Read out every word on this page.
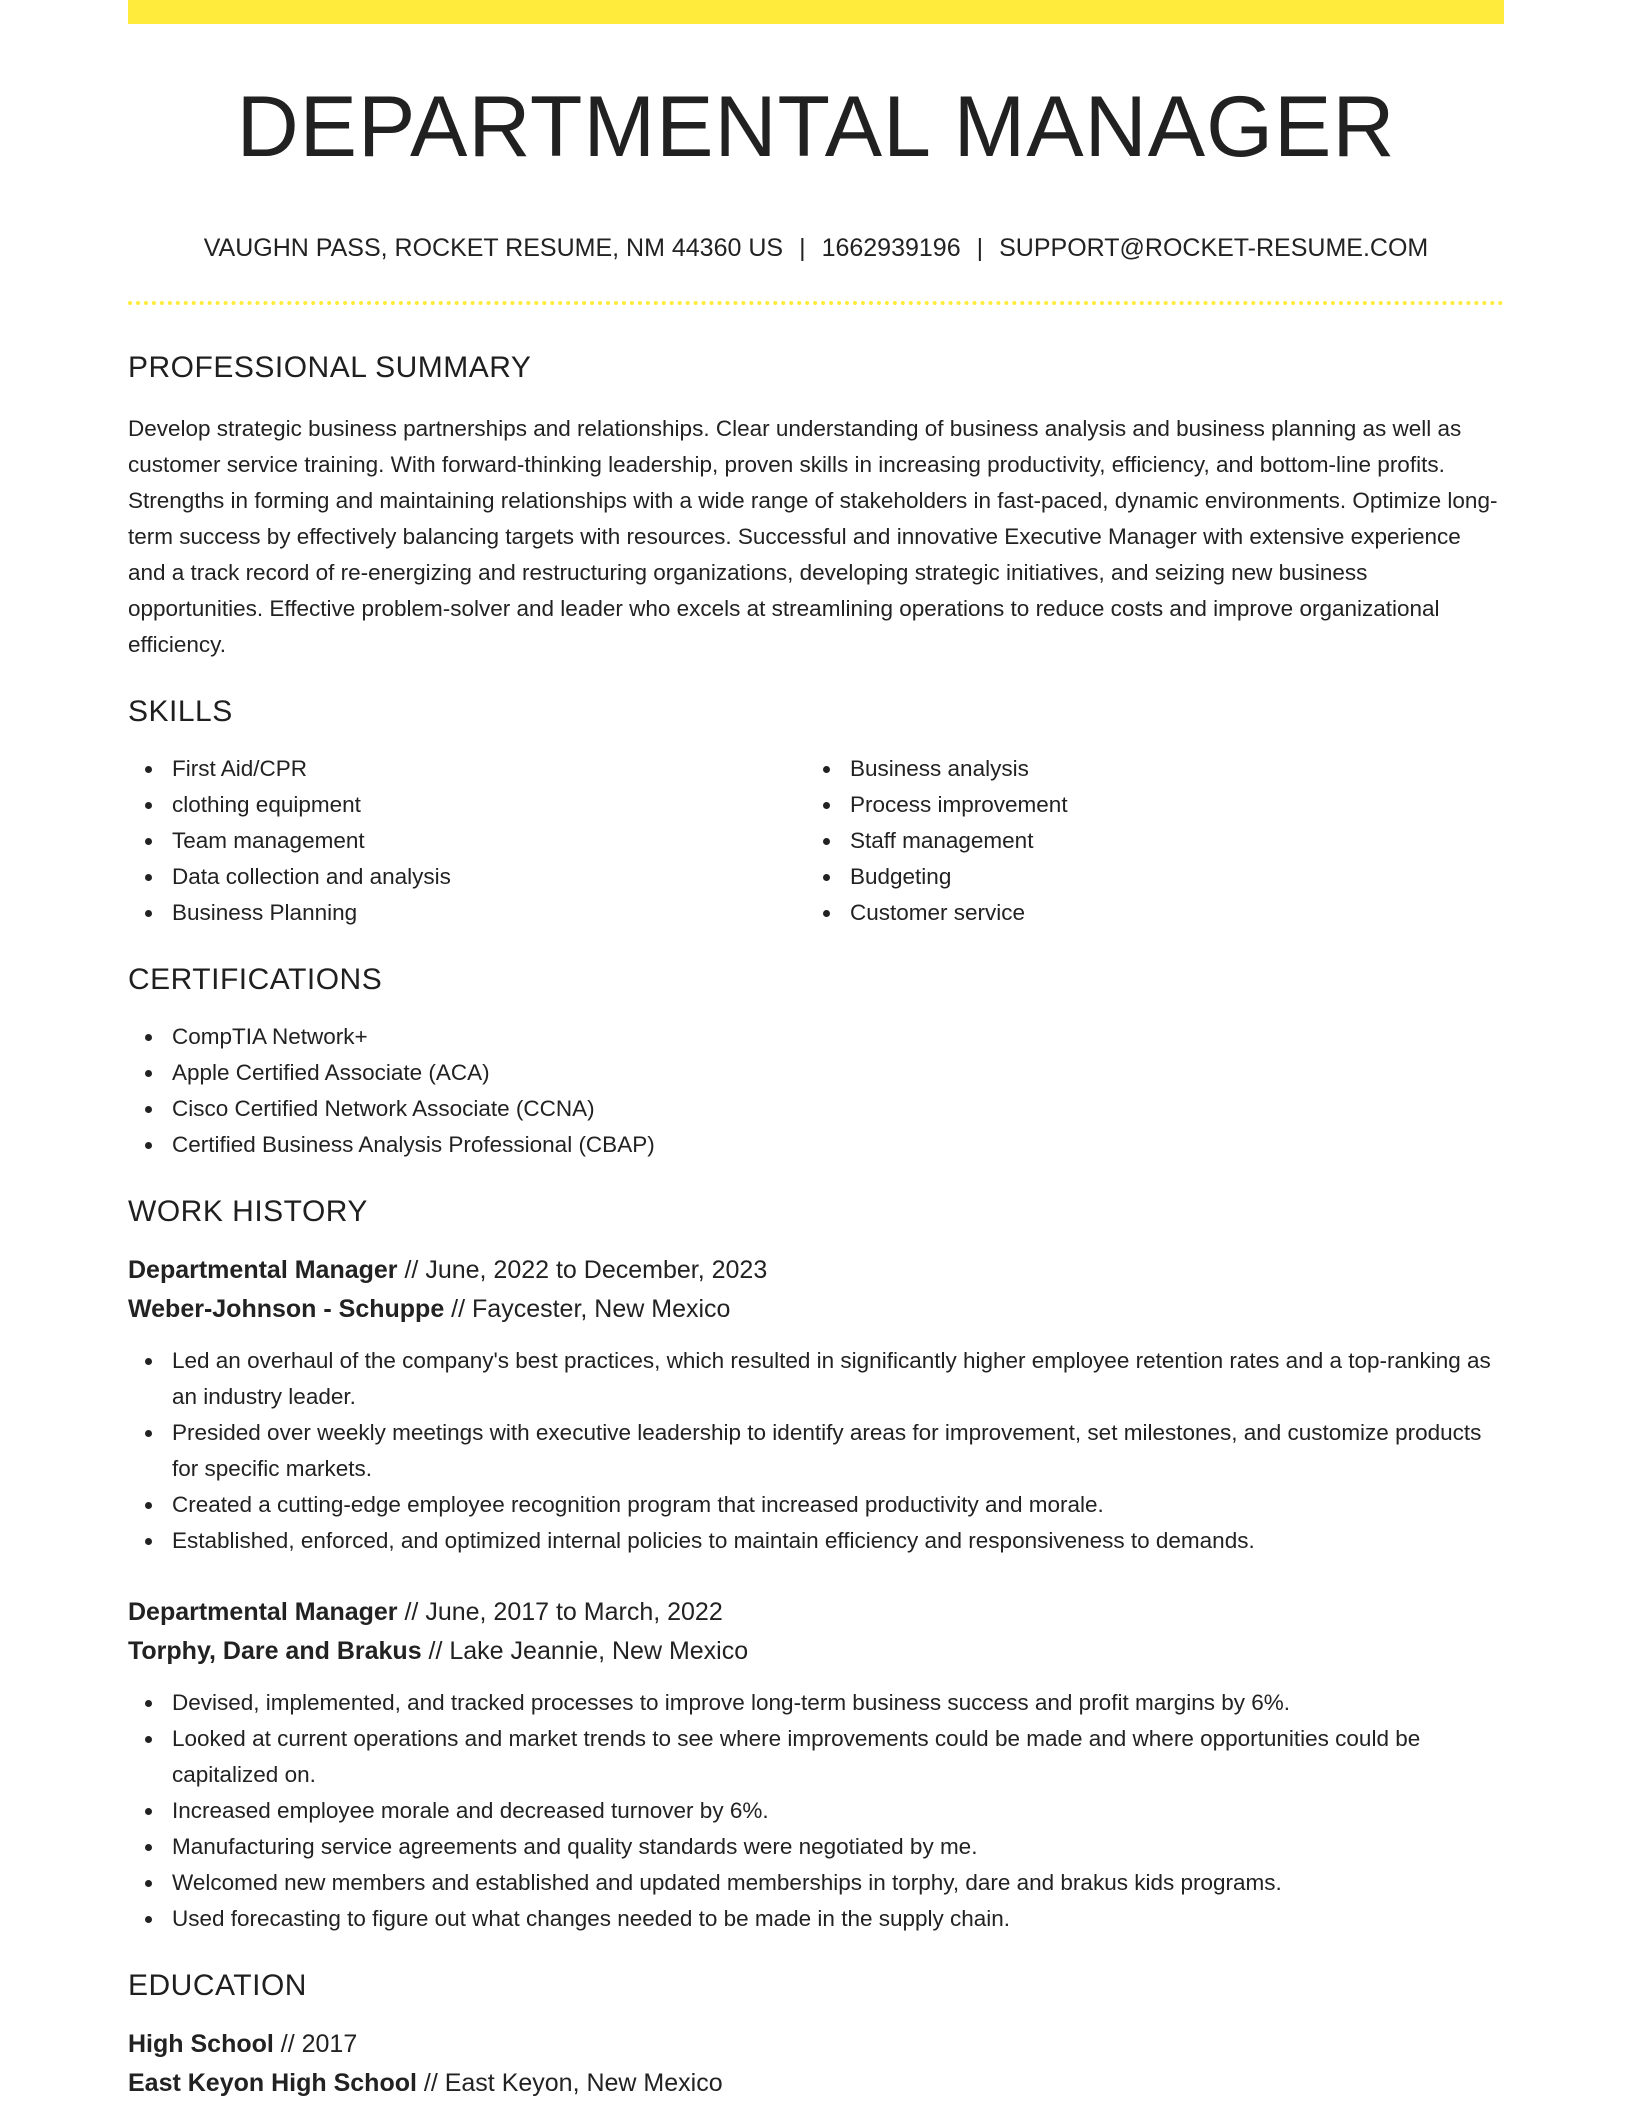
DEPARTMENTAL MANAGER
VAUGHN PASS, ROCKET RESUME, NM 44360 US | 1662939196 | SUPPORT@ROCKET-RESUME.COM
PROFESSIONAL SUMMARY
Develop strategic business partnerships and relationships. Clear understanding of business analysis and business planning as well as customer service training. With forward-thinking leadership, proven skills in increasing productivity, efficiency, and bottom-line profits. Strengths in forming and maintaining relationships with a wide range of stakeholders in fast-paced, dynamic environments. Optimize long-term success by effectively balancing targets with resources. Successful and innovative Executive Manager with extensive experience and a track record of re-energizing and restructuring organizations, developing strategic initiatives, and seizing new business opportunities. Effective problem-solver and leader who excels at streamlining operations to reduce costs and improve organizational efficiency.
SKILLS
First Aid/CPR
clothing equipment
Team management
Data collection and analysis
Business Planning
Business analysis
Process improvement
Staff management
Budgeting
Customer service
CERTIFICATIONS
CompTIA Network+
Apple Certified Associate (ACA)
Cisco Certified Network Associate (CCNA)
Certified Business Analysis Professional (CBAP)
WORK HISTORY
Departmental Manager // June, 2022 to December, 2023
Weber-Johnson - Schuppe // Faycester, New Mexico
Led an overhaul of the company's best practices, which resulted in significantly higher employee retention rates and a top-ranking as an industry leader.
Presided over weekly meetings with executive leadership to identify areas for improvement, set milestones, and customize products for specific markets.
Created a cutting-edge employee recognition program that increased productivity and morale.
Established, enforced, and optimized internal policies to maintain efficiency and responsiveness to demands.
Departmental Manager // June, 2017 to March, 2022
Torphy, Dare and Brakus // Lake Jeannie, New Mexico
Devised, implemented, and tracked processes to improve long-term business success and profit margins by 6%.
Looked at current operations and market trends to see where improvements could be made and where opportunities could be capitalized on.
Increased employee morale and decreased turnover by 6%.
Manufacturing service agreements and quality standards were negotiated by me.
Welcomed new members and established and updated memberships in torphy, dare and brakus kids programs.
Used forecasting to figure out what changes needed to be made in the supply chain.
EDUCATION
High School // 2017
East Keyon High School // East Keyon, New Mexico
